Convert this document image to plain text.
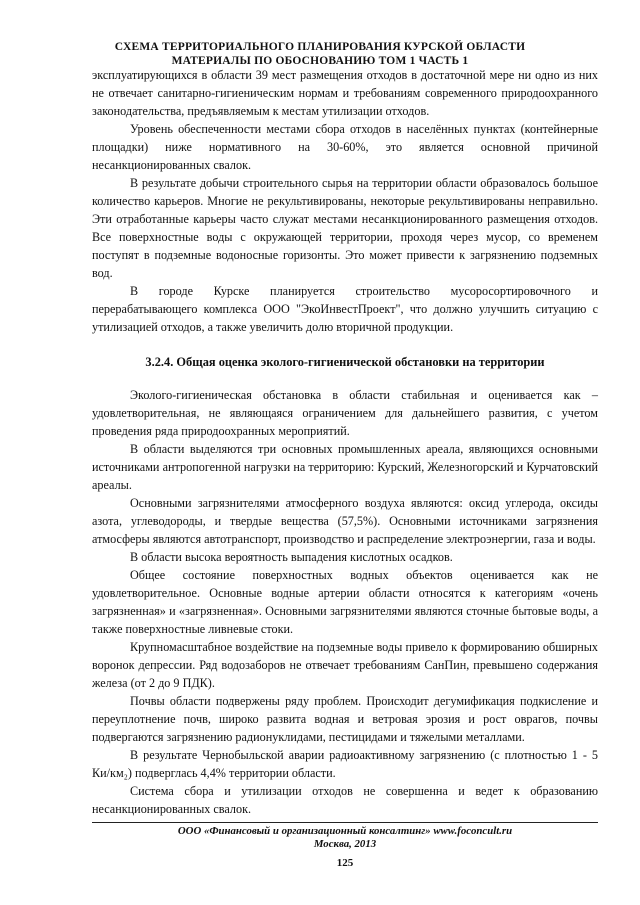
СХЕМА ТЕРРИТОРИАЛЬНОГО ПЛАНИРОВАНИЯ КУРСКОЙ ОБЛАСТИ
МАТЕРИАЛЫ ПО ОБОСНОВАНИЮ ТОМ 1 ЧАСТЬ 1

эксплуатирующихся в области 39 мест размещения отходов в достаточной мере ни одно из них не отвечает санитарно-гигиеническим нормам и требованиям современного природоохранного законодательства, предъявляемым к местам утилизации отходов.

Уровень обеспеченности местами сбора отходов в населённых пунктах (контейнерные площадки) ниже нормативного на 30-60%, это является основной причиной несанкционированных свалок.

В результате добычи строительного сырья на территории области образовалось большое количество карьеров. Многие не рекультивированы, некоторые рекультивированы неправильно. Эти отработанные карьеры часто служат местами несанкционированного размещения отходов. Все поверхностные воды с окружающей территории, проходя через мусор, со временем поступят в подземные водоносные горизонты. Это может привести к загрязнению подземных вод.

В городе Курске планируется строительство мусоросортировочного и перерабатывающего комплекса ООО "ЭкоИнвестПроект", что должно улучшить ситуацию с утилизацией отходов, а также увеличить долю вторичной продукции.

3.2.4. Общая оценка эколого-гигиенической обстановки на территории

Эколого-гигиеническая обстановка в области стабильная и оценивается как – удовлетворительная, не являющаяся ограничением для дальнейшего развития, с учетом проведения ряда природоохранных мероприятий.

В области выделяются три основных промышленных ареала, являющихся основными источниками антропогенной нагрузки на территорию: Курский, Железногорский и Курчатовский ареалы.

Основными загрязнителями атмосферного воздуха являются: оксид углерода, оксиды азота, углеводороды, и твердые вещества (57,5%). Основными источниками загрязнения атмосферы являются автотранспорт, производство и распределение электроэнергии, газа и воды.

В области высока вероятность выпадения кислотных осадков.

Общее состояние поверхностных водных объектов оценивается как не удовлетворительное. Основные водные артерии области относятся к категориям «очень загрязненная» и «загрязненная». Основными загрязнителями являются сточные бытовые воды, а также поверхностные ливневые стоки.

Крупномасштабное воздействие на подземные воды привело к формированию обширных воронок депрессии. Ряд водозаборов не отвечает требованиям СанПин, превышено содержания железа (от 2 до 9 ПДК).

Почвы области подвержены ряду проблем. Происходит дегумификация подкисление и переуплотнение почв, широко развита водная и ветровая эрозия и рост оврагов, почвы подвергаются загрязнению радионуклидами, пестицидами и тяжелыми металлами.

В результате Чернобыльской аварии радиоактивному загрязнению (с плотностью 1 - 5 Ки/км₂) подверглась 4,4% территории области.

Система сбора и утилизации отходов не совершенна и ведет к образованию несанкционированных свалок.

ООО «Финансовый и организационный консалтинг» www.foconcult.ru
Москва, 2013
125
